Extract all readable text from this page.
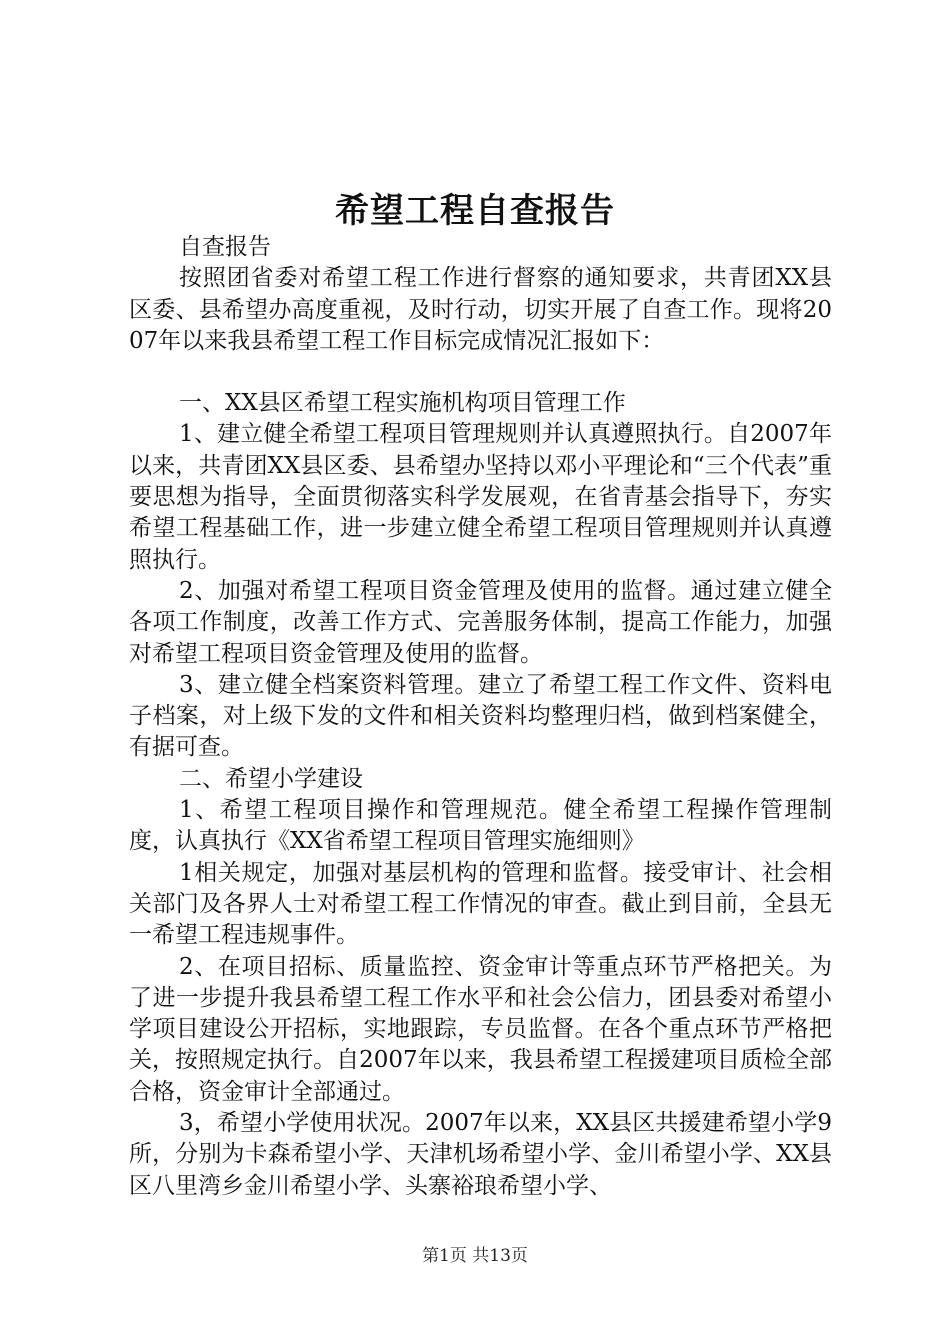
希望工程自查报告

自查报告

按照团省委对希望工程工作进行督察的通知要求，共青团XX县区委、县希望办高度重视，及时行动，切实开展了自查工作。现将2007年以来我县希望工程工作目标完成情况汇报如下：

一、XX县区希望工程实施机构项目管理工作

1、建立健全希望工程项目管理规则并认真遵照执行。自2007年以来，共青团XX县区委、县希望办坚持以邓小平理论和“三个代表”重要思想为指导，全面贯彻落实科学发展观，在省青基会指导下，夯实希望工程基础工作，进一步建立健全希望工程项目管理规则并认真遵照执行。

2、加强对希望工程项目资金管理及使用的监督。通过建立健全各项工作制度，改善工作方式、完善服务体制，提高工作能力，加强对希望工程项目资金管理及使用的监督。

3、建立健全档案资料管理。建立了希望工程工作文件、资料电子档案，对上级下发的文件和相关资料均整理归档，做到档案健全，有据可查。

二、希望小学建设

1、希望工程项目操作和管理规范。健全希望工程操作管理制度，认真执行《XX省希望工程项目管理实施细则》

1相关规定，加强对基层机构的管理和监督。接受审计、社会相关部门及各界人士对希望工程工作情况的审查。截止到目前，全县无一希望工程违规事件。

2、在项目招标、质量监控、资金审计等重点环节严格把关。为了进一步提升我县希望工程工作水平和社会公信力，团县委对希望小学项目建设公开招标，实地跟踪，专员监督。在各个重点环节严格把关，按照规定执行。自2007年以来，我县希望工程援建项目质检全部合格，资金审计全部通过。

3，希望小学使用状况。2007年以来，XX县区共援建希望小学9所，分别为卡森希望小学、天津机场希望小学、金川希望小学、XX县区八里湾乡金川希望小学、头寨裕琅希望小学、

第1页 共13页
